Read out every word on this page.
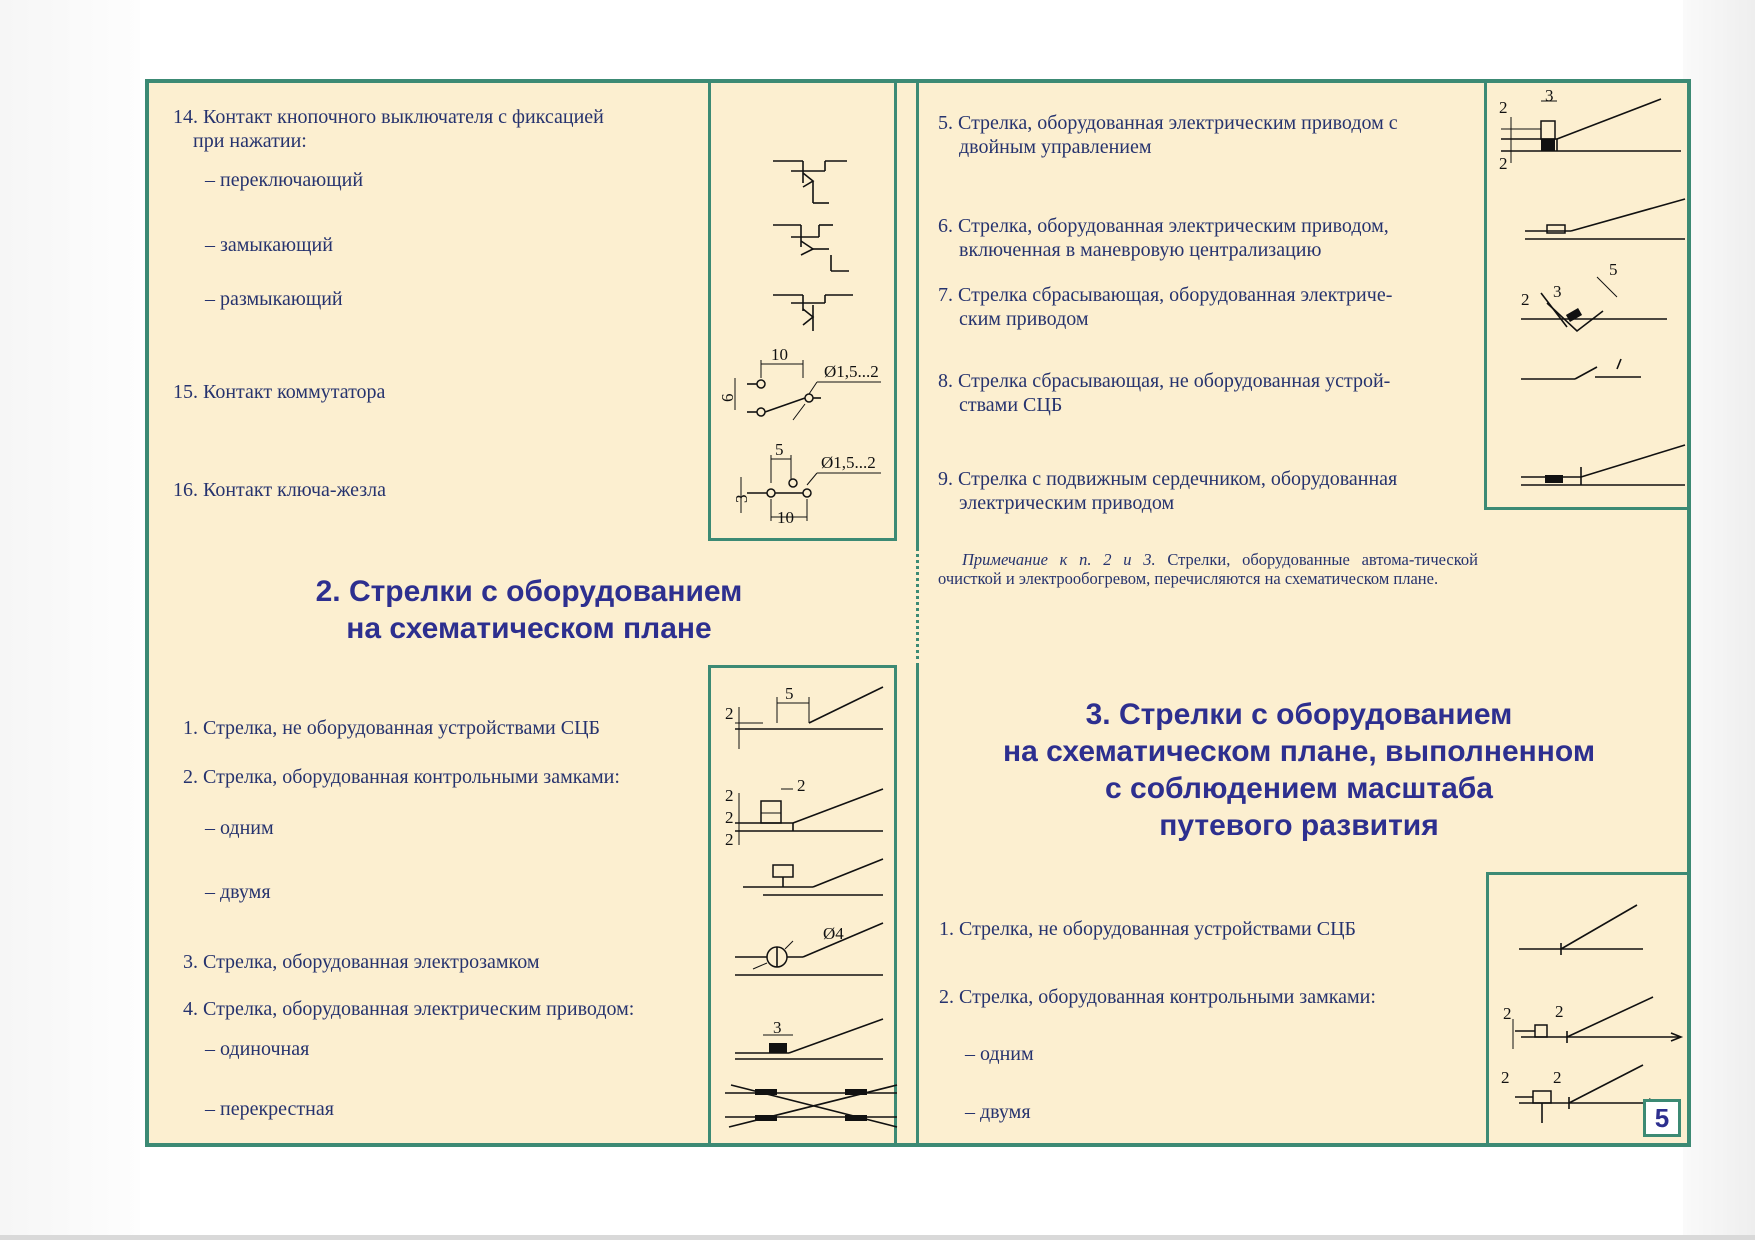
14. Контакт кнопочного выключателя с фиксацией
при нажатии:
– переключающий
– замыкающий
– размыкающий
15. Контакт коммутатора
16. Контакт ключа-жезла
10
Ø1,5...2
6
5
Ø1,5...2
3
10
2. Стрелки с оборудованием
на схематическом плане
1. Стрелка, не оборудованная устройствами СЦБ
2. Стрелка, оборудованная контрольными замками:
– одним
– двумя
3. Стрелка, оборудованная электрозамком
4. Стрелка, оборудованная электрическим приводом:
– одиночная
– перекрестная
5
2
2
2
2
2
Ø4
3
5. Стрелка, оборудованная электрическим приводом с
двойным управлением
6. Стрелка, оборудованная электрическим приводом,
включенная в маневровую централизацию
7. Стрелка сбрасывающая, оборудованная электриче-
ским приводом
8. Стрелка сбрасывающая, не оборудованная устрой-
ствами СЦБ
9. Стрелка с подвижным сердечником, оборудованная
электрическим приводом
3
2
2
2 3
5
Примечание к п. 2 и 3. Стрелки, оборудованные автома-тической очисткой и электрообогревом, перечисляются на схематическом плане.
3. Стрелки с оборудованием
на схематическом плане, выполненном
с соблюдением масштаба
путевого развития
1. Стрелка, не оборудованная устройствами СЦБ
2. Стрелка, оборудованная контрольными замками:
– одним
– двумя
2	2
2	2
5
